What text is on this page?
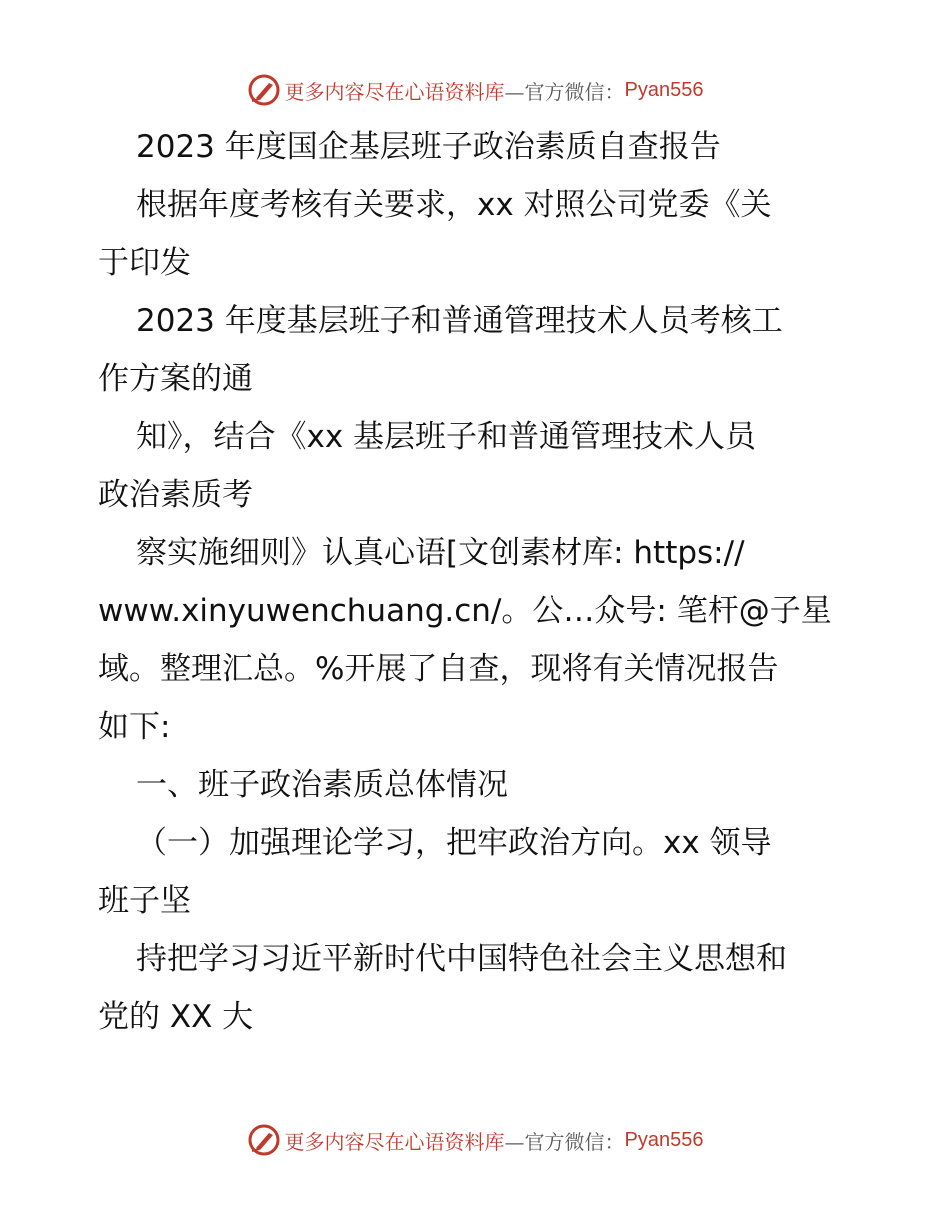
更多内容尽在心语资料库 —官方微信： Pyan556

2023 年度国企基层班子政治素质自查报告

根据年度考核有关要求，xx 对照公司党委《关

于印发

2023 年度基层班子和普通管理技术人员考核工

作方案的通

知》，结合《xx 基层班子和普通管理技术人员

政治素质考

察实施细则》认真心语[文创素材库: https://

www.xinyuwenchuang.cn/。公…众号: 笔杆@子星

域。整理汇总。%开展了自查，现将有关情况报告

如下:

一、班子政治素质总体情况

（一）加强理论学习，把牢政治方向。xx 领导

班子坚

持把学习习近平新时代中国特色社会主义思想和

党的 XX 大

更多内容尽在心语资料库 —官方微信： Pyan556
